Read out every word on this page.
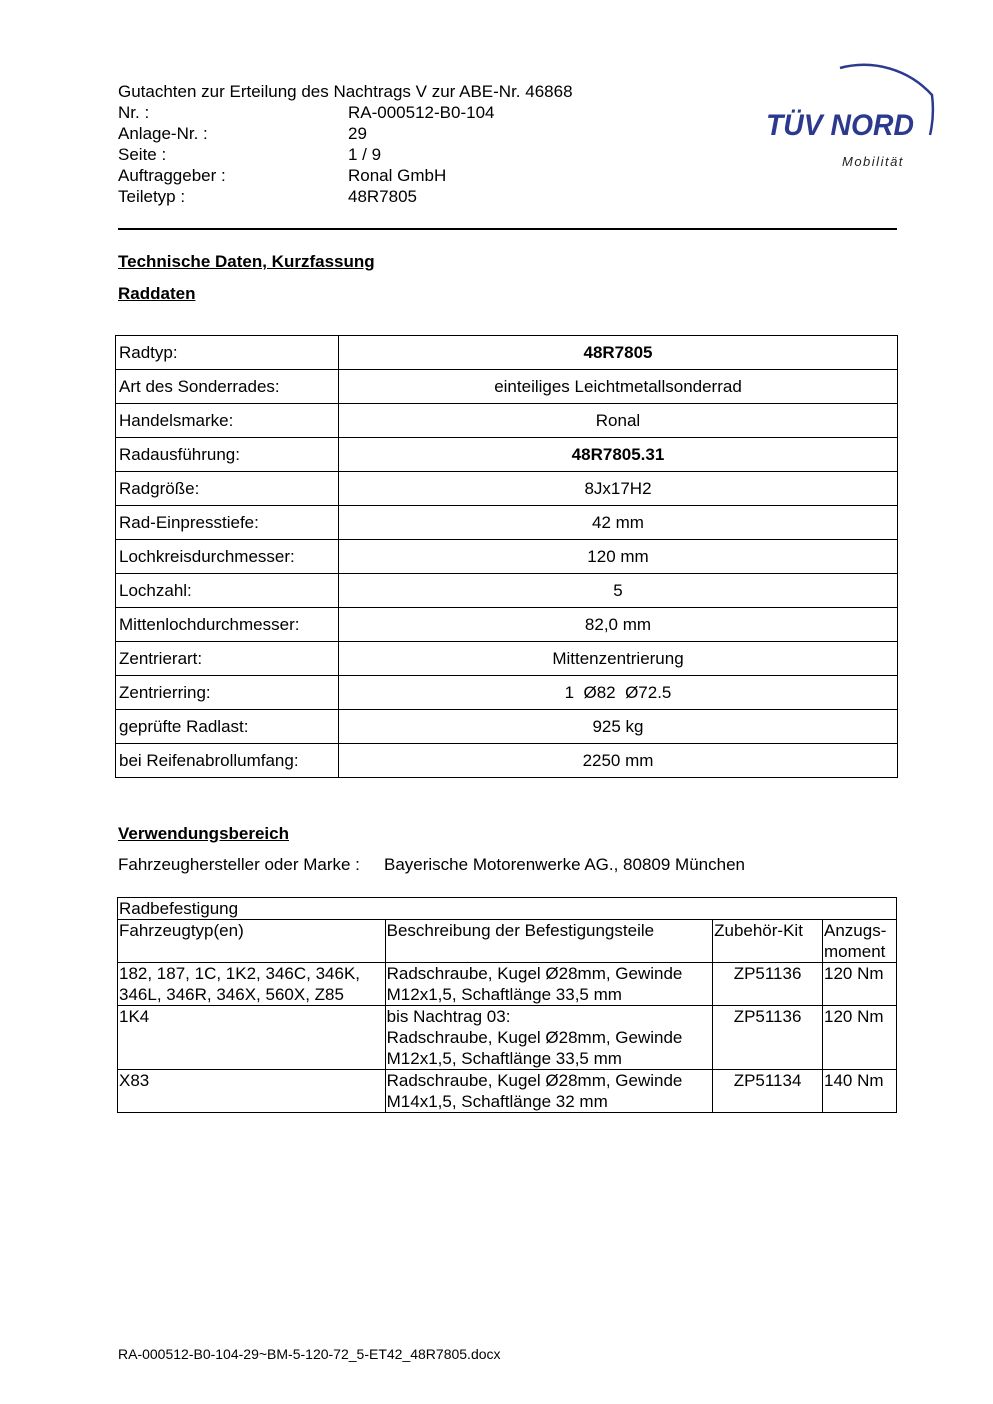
Gutachten zur Erteilung des Nachtrags V zur ABE-Nr. 46868
Nr. :	RA-000512-B0-104
Anlage-Nr. :	29
Seite :	1 / 9
Auftraggeber :	Ronal GmbH
Teiletyp :	48R7805
TÜV NORD
Mobilität
Technische Daten, Kurzfassung
Raddaten
Radtyp:	48R7805
Art des Sonderrades:	einteiliges Leichtmetallsonderrad
Handelsmarke:	Ronal
Radausführung:	48R7805.31
Radgröße:	8Jx17H2
Rad-Einpresstiefe:	42 mm
Lochkreisdurchmesser:	120 mm
Lochzahl:	5
Mittenlochdurchmesser:	82,0 mm
Zentrierart:	Mittenzentrierung
Zentrierring:	1  Ø82  Ø72.5
geprüfte Radlast:	925 kg
bei Reifenabrollumfang:	2250 mm
Verwendungsbereich
Fahrzeughersteller oder Marke :	Bayerische Motorenwerke AG., 80809 München
Radbefestigung			
Fahrzeugtyp(en)	Beschreibung der Befestigungsteile	Zubehör-Kit	Anzugs-
moment
182, 187, 1C, 1K2, 346C, 346K,
346L, 346R, 346X, 560X, Z85	Radschraube, Kugel Ø28mm, Gewinde
M12x1,5, Schaftlänge 33,5 mm	ZP51136	120 Nm
1K4	bis Nachtrag 03:
Radschraube, Kugel Ø28mm, Gewinde
M12x1,5, Schaftlänge 33,5 mm	ZP51136	120 Nm
X83	Radschraube, Kugel Ø28mm, Gewinde
M14x1,5, Schaftlänge 32 mm	ZP51134	140 Nm
RA-000512-B0-104-29~BM-5-120-72_5-ET42_48R7805.docx
